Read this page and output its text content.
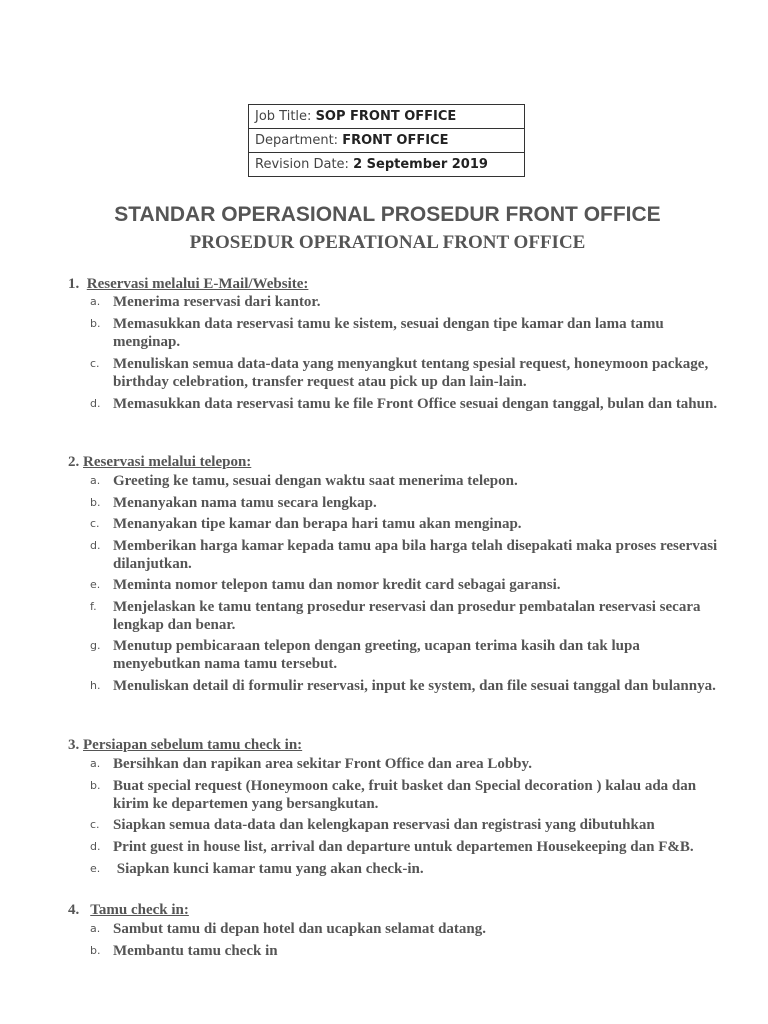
Job Title: SOP FRONT OFFICE
Department: FRONT OFFICE
Revision Date: 2 September 2019
STANDAR OPERASIONAL PROSEDUR FRONT OFFICE
PROSEDUR OPERATIONAL FRONT OFFICE
1. Reservasi melalui E-Mail/Website:
a. Menerima reservasi dari kantor.
b. Memasukkan data reservasi tamu ke sistem, sesuai dengan tipe kamar dan lama tamu menginap.
c. Menuliskan semua data-data yang menyangkut tentang spesial request, honeymoon package, birthday celebration, transfer request atau pick up dan lain-lain.
d. Memasukkan data reservasi tamu ke file Front Office sesuai dengan tanggal, bulan dan tahun.
2. Reservasi melalui telepon:
a. Greeting ke tamu, sesuai dengan waktu saat menerima telepon.
b. Menanyakan nama tamu secara lengkap.
c. Menanyakan tipe kamar dan berapa hari tamu akan menginap.
d. Memberikan harga kamar kepada tamu apa bila harga telah disepakati maka proses reservasi dilanjutkan.
e. Meminta nomor telepon tamu dan nomor kredit card sebagai garansi.
f. Menjelaskan ke tamu tentang prosedur reservasi dan prosedur pembatalan reservasi secara lengkap dan benar.
g. Menutup pembicaraan telepon dengan greeting, ucapan terima kasih dan tak lupa menyebutkan nama tamu tersebut.
h. Menuliskan detail di formulir reservasi, input ke system, dan file sesuai tanggal dan bulannya.
3. Persiapan sebelum tamu check in:
a. Bersihkan dan rapikan area sekitar Front Office dan area Lobby.
b. Buat special request (Honeymoon cake, fruit basket dan Special decoration ) kalau ada dan kirim ke departemen yang bersangkutan.
c. Siapkan semua data-data dan kelengkapan reservasi dan registrasi yang dibutuhkan
d. Print guest in house list, arrival dan departure untuk departemen Housekeeping dan F&B.
e. Siapkan kunci kamar tamu yang akan check-in.
4. Tamu check in:
a. Sambut tamu di depan hotel dan ucapkan selamat datang.
b. Membantu tamu check in
